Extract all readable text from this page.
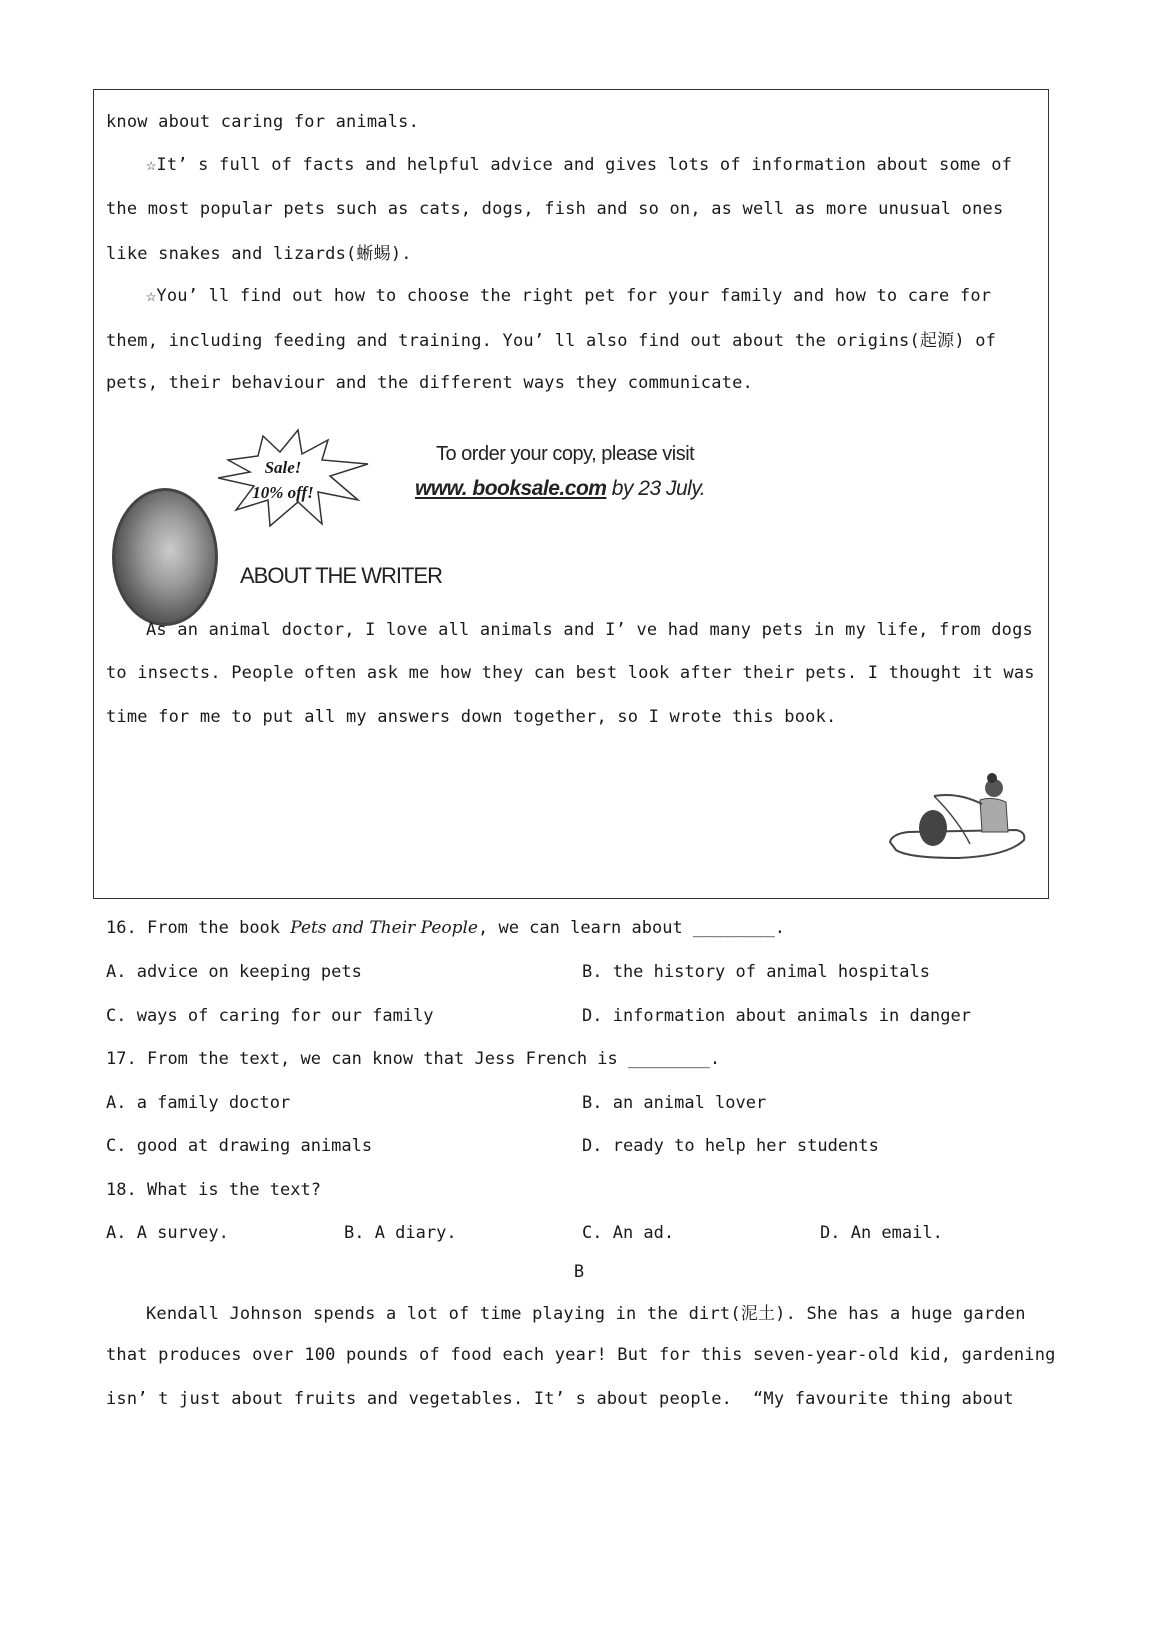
know about caring for animals.
☆It’ s full of facts and helpful advice and gives lots of information about some of
the most popular pets such as cats, dogs, fish and so on, as well as more unusual ones
like snakes and lizards(蜥蜴).
☆You’ ll find out how to choose the right pet for your family and how to care for
them, including feeding and training. You’ ll also find out about the origins(起源) of
pets, their behaviour and the different ways they communicate.
Sale!
10% off!
To order your copy, please visit
www. booksale.com by 23 July.
ABOUT THE WRITER
As an animal doctor, I love all animals and I’ ve had many pets in my life, from dogs
to insects. People often ask me how they can best look after their pets. I thought it was
time for me to put all my answers down together, so I wrote this book.
16. From the book Pets and Their People, we can learn about ________.
A. advice on keeping pets	B. the history of animal hospitals
C. ways of caring for our family	D. information about animals in danger
17. From the text, we can know that Jess French is ________.
A. a family doctor	B. an animal lover
C. good at drawing animals	D. ready to help her students
18. What is the text?
A. A survey.	B. A diary.	C. An ad.	D. An email.
B
Kendall Johnson spends a lot of time playing in the dirt(泥土). She has a huge garden
that produces over 100 pounds of food each year! But for this seven-year-old kid, gardening
isn’ t just about fruits and vegetables. It’ s about people.  “My favourite thing about
